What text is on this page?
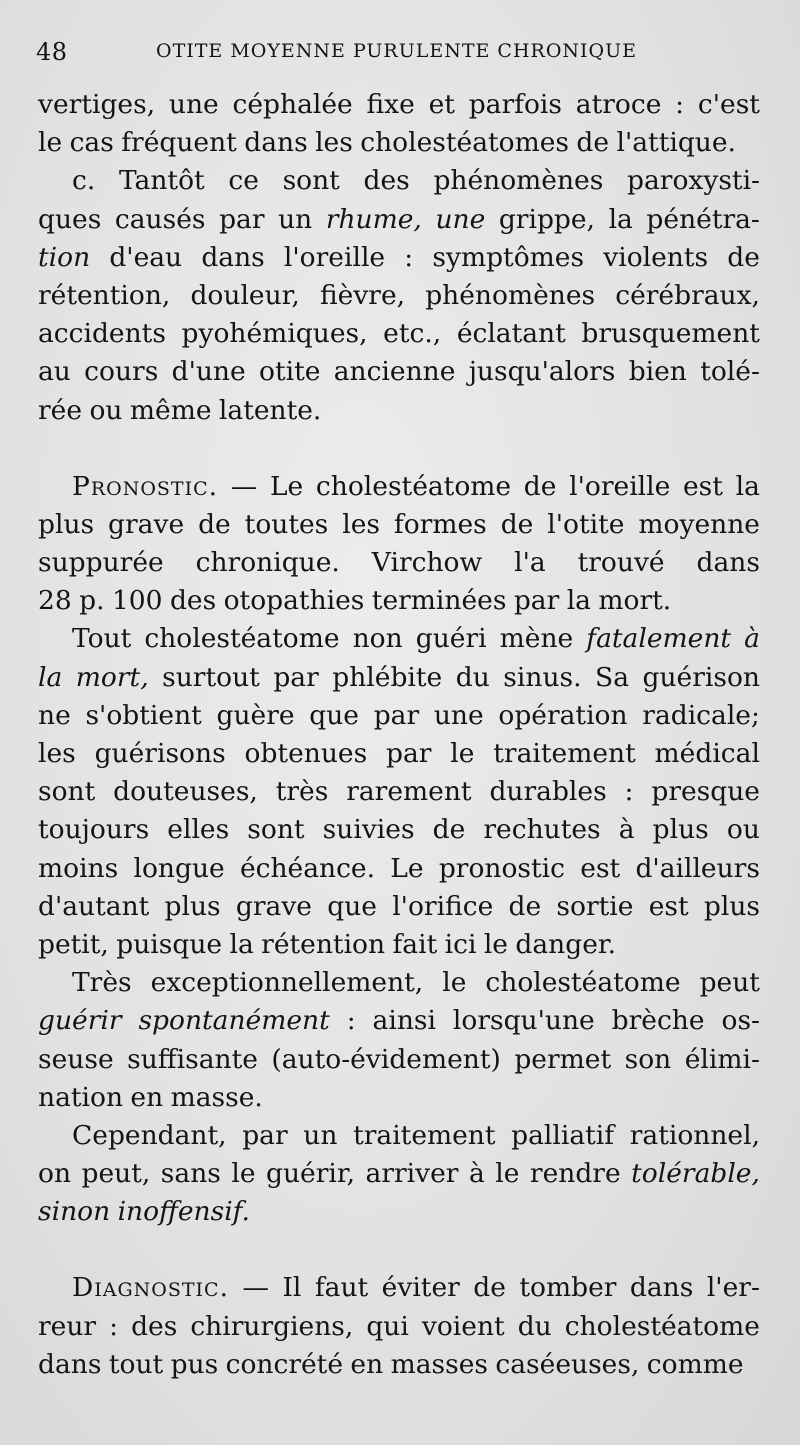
48	OTITE MOYENNE PURULENTE CHRONIQUE
vertiges, une céphalée fixe et parfois atroce : c'est
le cas fréquent dans les cholestéatomes de l'attique.
c. Tantôt ce sont des phénomènes paroxysti-
ques causés par un rhume, une grippe, la pénétra-
tion d'eau dans l'oreille : symptômes violents de
rétention, douleur, fièvre, phénomènes cérébraux,
accidents pyohémiques, etc., éclatant brusquement
au cours d'une otite ancienne jusqu'alors bien tolé-
rée ou même latente.
Pronostic. — Le cholestéatome de l'oreille est la
plus grave de toutes les formes de l'otite moyenne
suppurée chronique. Virchow l'a trouvé dans
28 p. 100 des otopathies terminées par la mort.
Tout cholestéatome non guéri mène fatalement à
la mort, surtout par phlébite du sinus. Sa guérison
ne s'obtient guère que par une opération radicale;
les guérisons obtenues par le traitement médical
sont douteuses, très rarement durables : presque
toujours elles sont suivies de rechutes à plus ou
moins longue échéance. Le pronostic est d'ailleurs
d'autant plus grave que l'orifice de sortie est plus
petit, puisque la rétention fait ici le danger.
Très exceptionnellement, le cholestéatome peut
guérir spontanément : ainsi lorsqu'une brèche os-
seuse suffisante (auto-évidement) permet son élimi-
nation en masse.
Cependant, par un traitement palliatif rationnel,
on peut, sans le guérir, arriver à le rendre tolérable,
sinon inoffensif.
Diagnostic. — Il faut éviter de tomber dans l'er-
reur : des chirurgiens, qui voient du cholestéatome
dans tout pus concrété en masses caséeuses, comme
